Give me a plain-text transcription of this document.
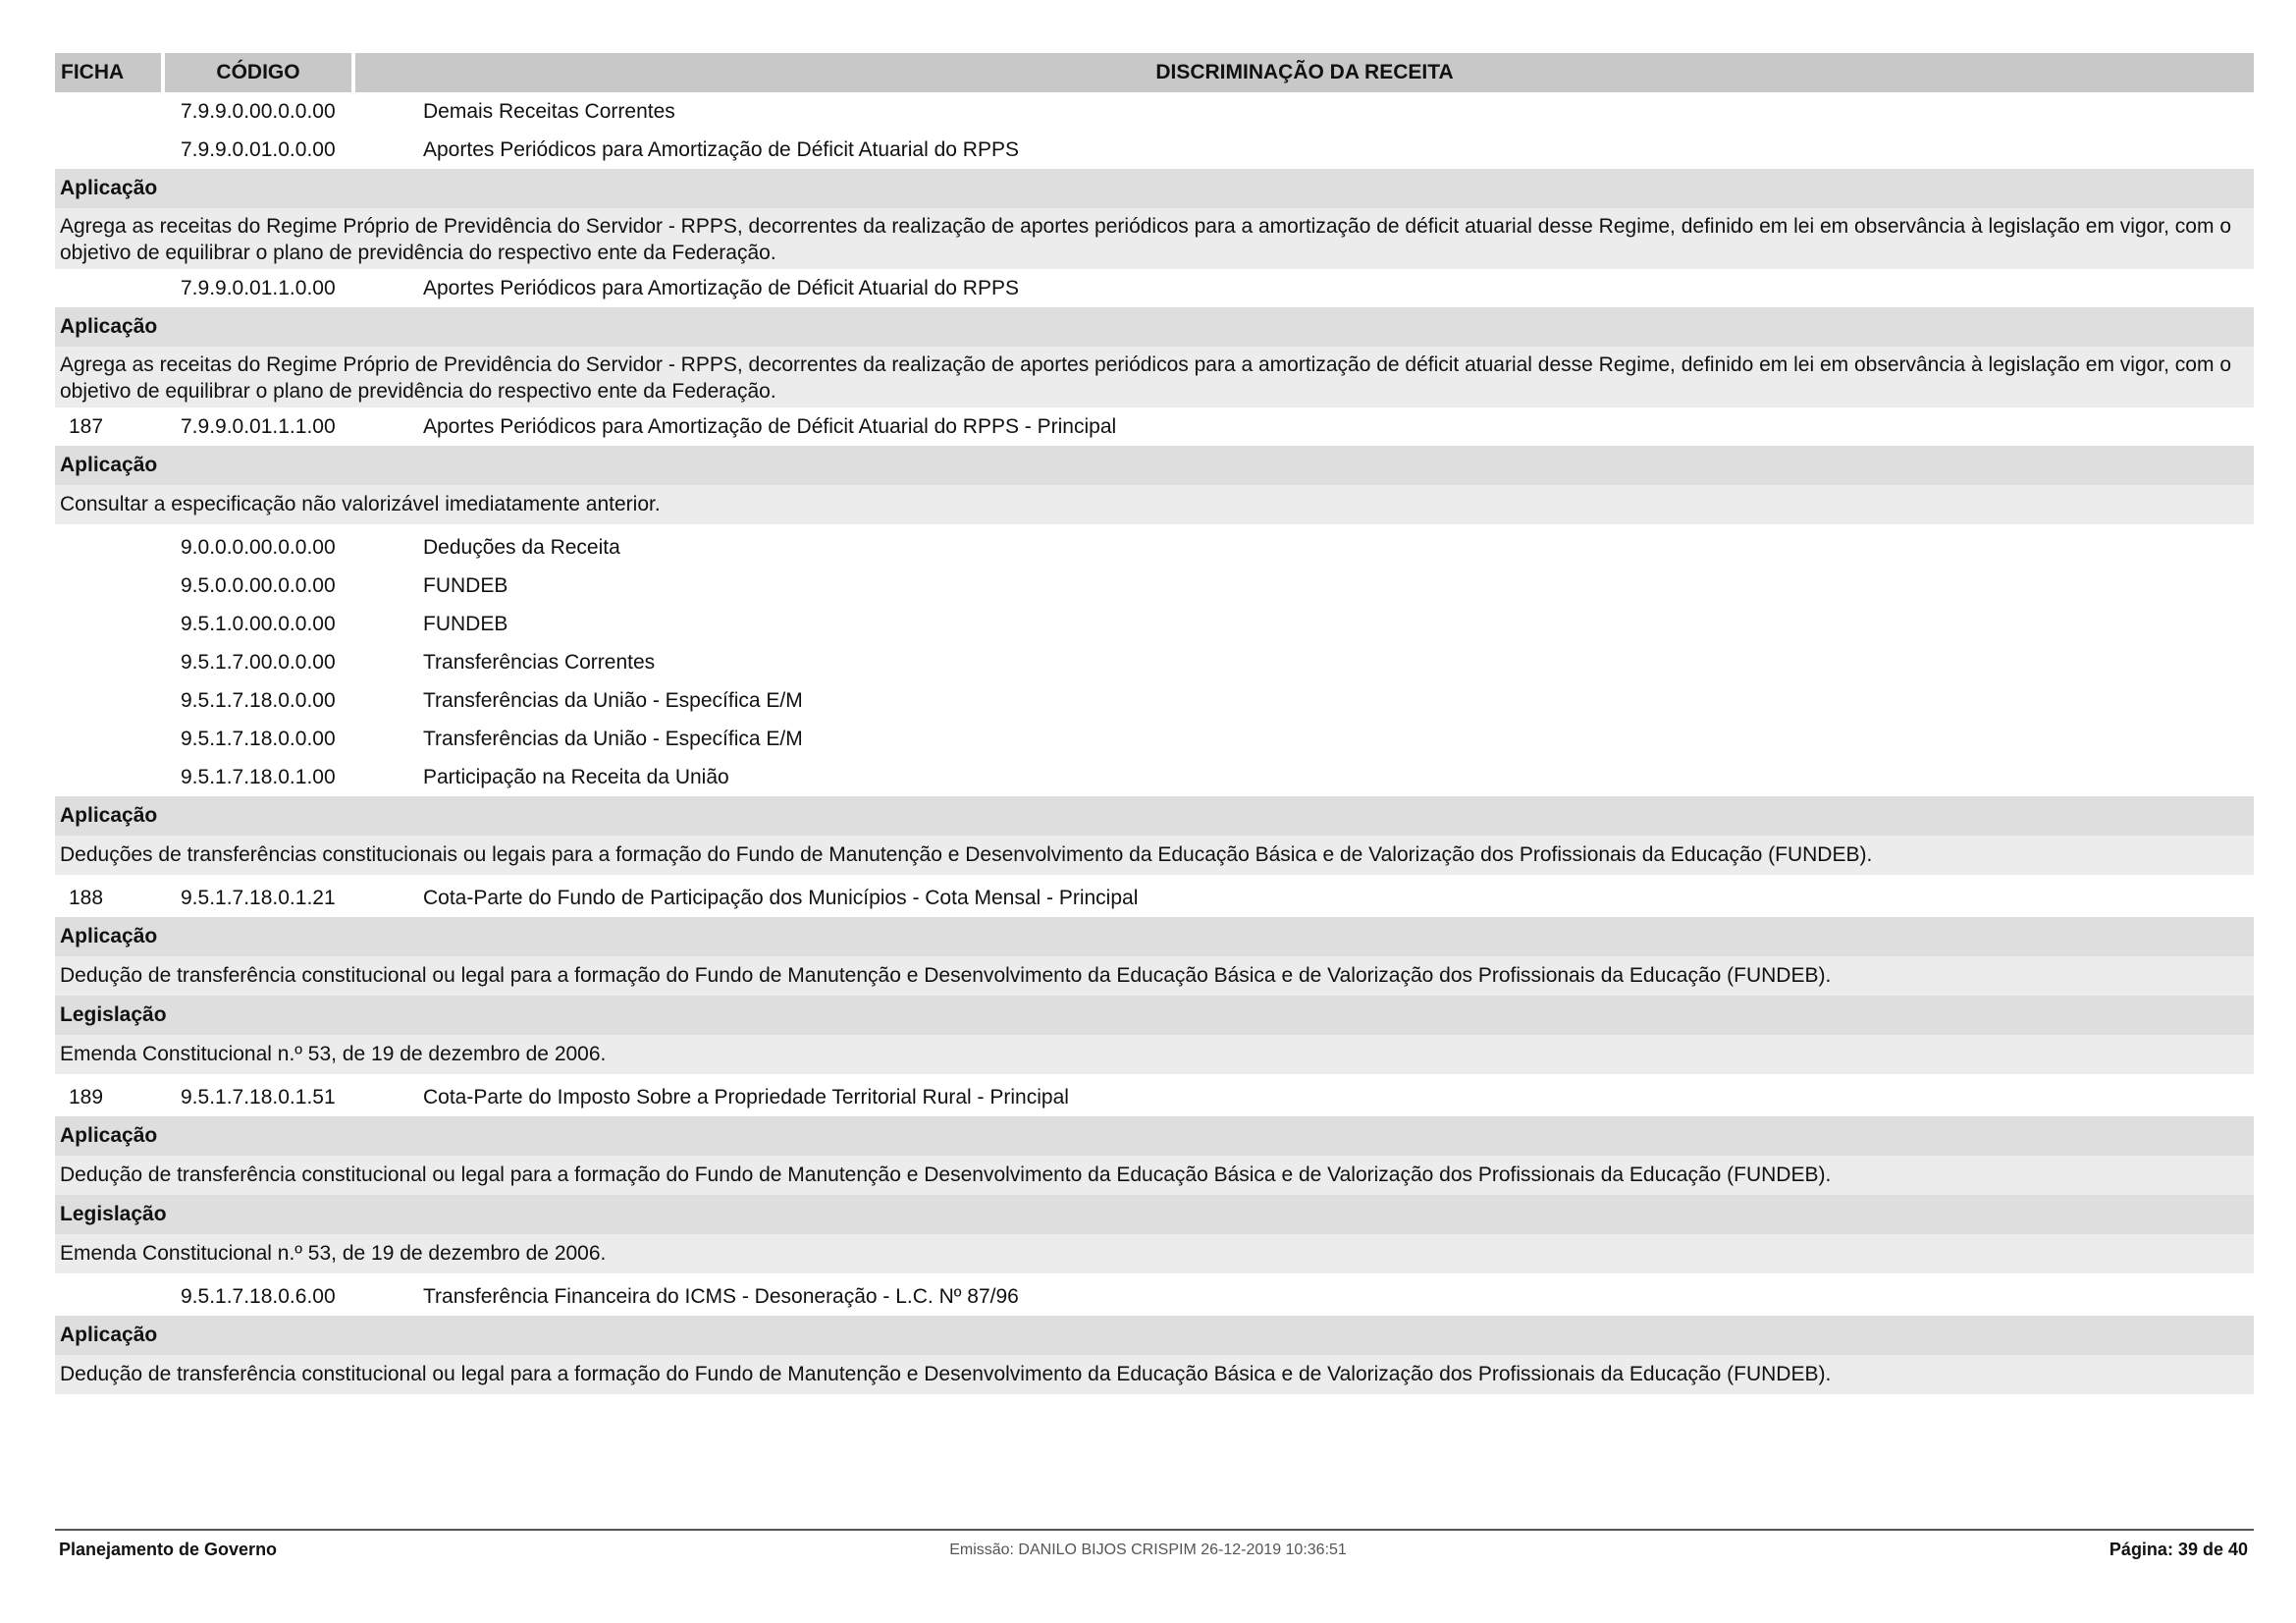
FICHA	CÓDIGO	DISCRIMINAÇÃO DA RECEITA
7.9.9.0.00.0.0.00	Demais Receitas Correntes
7.9.9.0.01.0.0.00	Aportes Periódicos para Amortização de Déficit Atuarial do RPPS
Aplicação
Agrega as receitas do Regime Próprio de Previdência do Servidor - RPPS, decorrentes da realização de aportes periódicos para a amortização de déficit atuarial desse Regime, definido em lei em observância à legislação em vigor, com o objetivo de equilibrar o plano de previdência do respectivo ente da Federação.
7.9.9.0.01.1.0.00	Aportes Periódicos para Amortização de Déficit Atuarial do RPPS
Aplicação
Agrega as receitas do Regime Próprio de Previdência do Servidor - RPPS, decorrentes da realização de aportes periódicos para a amortização de déficit atuarial desse Regime, definido em lei em observância à legislação em vigor, com o objetivo de equilibrar o plano de previdência do respectivo ente da Federação.
187	7.9.9.0.01.1.1.00	Aportes Periódicos para Amortização de Déficit Atuarial do RPPS - Principal
Aplicação
Consultar a especificação não valorizável imediatamente anterior.
9.0.0.0.00.0.0.00	Deduções da Receita
9.5.0.0.00.0.0.00	FUNDEB
9.5.1.0.00.0.0.00	FUNDEB
9.5.1.7.00.0.0.00	Transferências Correntes
9.5.1.7.18.0.0.00	Transferências da União - Específica E/M
9.5.1.7.18.0.0.00	Transferências da União - Específica E/M
9.5.1.7.18.0.1.00	Participação na Receita da União
Aplicação
Deduções de transferências constitucionais ou legais para a formação do Fundo de Manutenção e Desenvolvimento da Educação Básica e de Valorização dos Profissionais da Educação (FUNDEB).
188	9.5.1.7.18.0.1.21	Cota-Parte do Fundo de Participação dos Municípios - Cota Mensal - Principal
Aplicação
Dedução de transferência constitucional ou legal para a formação do Fundo de Manutenção e Desenvolvimento da Educação Básica e de Valorização dos Profissionais da Educação (FUNDEB).
Legislação
Emenda Constitucional n.º 53, de 19 de dezembro de 2006.
189	9.5.1.7.18.0.1.51	Cota-Parte do Imposto Sobre a Propriedade Territorial Rural - Principal
Aplicação
Dedução de transferência constitucional ou legal para a formação do Fundo de Manutenção e Desenvolvimento da Educação Básica e de Valorização dos Profissionais da Educação (FUNDEB).
Legislação
Emenda Constitucional n.º 53, de 19 de dezembro de 2006.
9.5.1.7.18.0.6.00	Transferência Financeira do ICMS - Desoneração - L.C. Nº 87/96
Aplicação
Dedução de transferência constitucional ou legal para a formação do Fundo de Manutenção e Desenvolvimento da Educação Básica e de Valorização dos Profissionais da Educação (FUNDEB).
Planejamento de Governo	Emissão: DANILO BIJOS CRISPIM 26-12-2019 10:36:51	Página: 39 de 40
